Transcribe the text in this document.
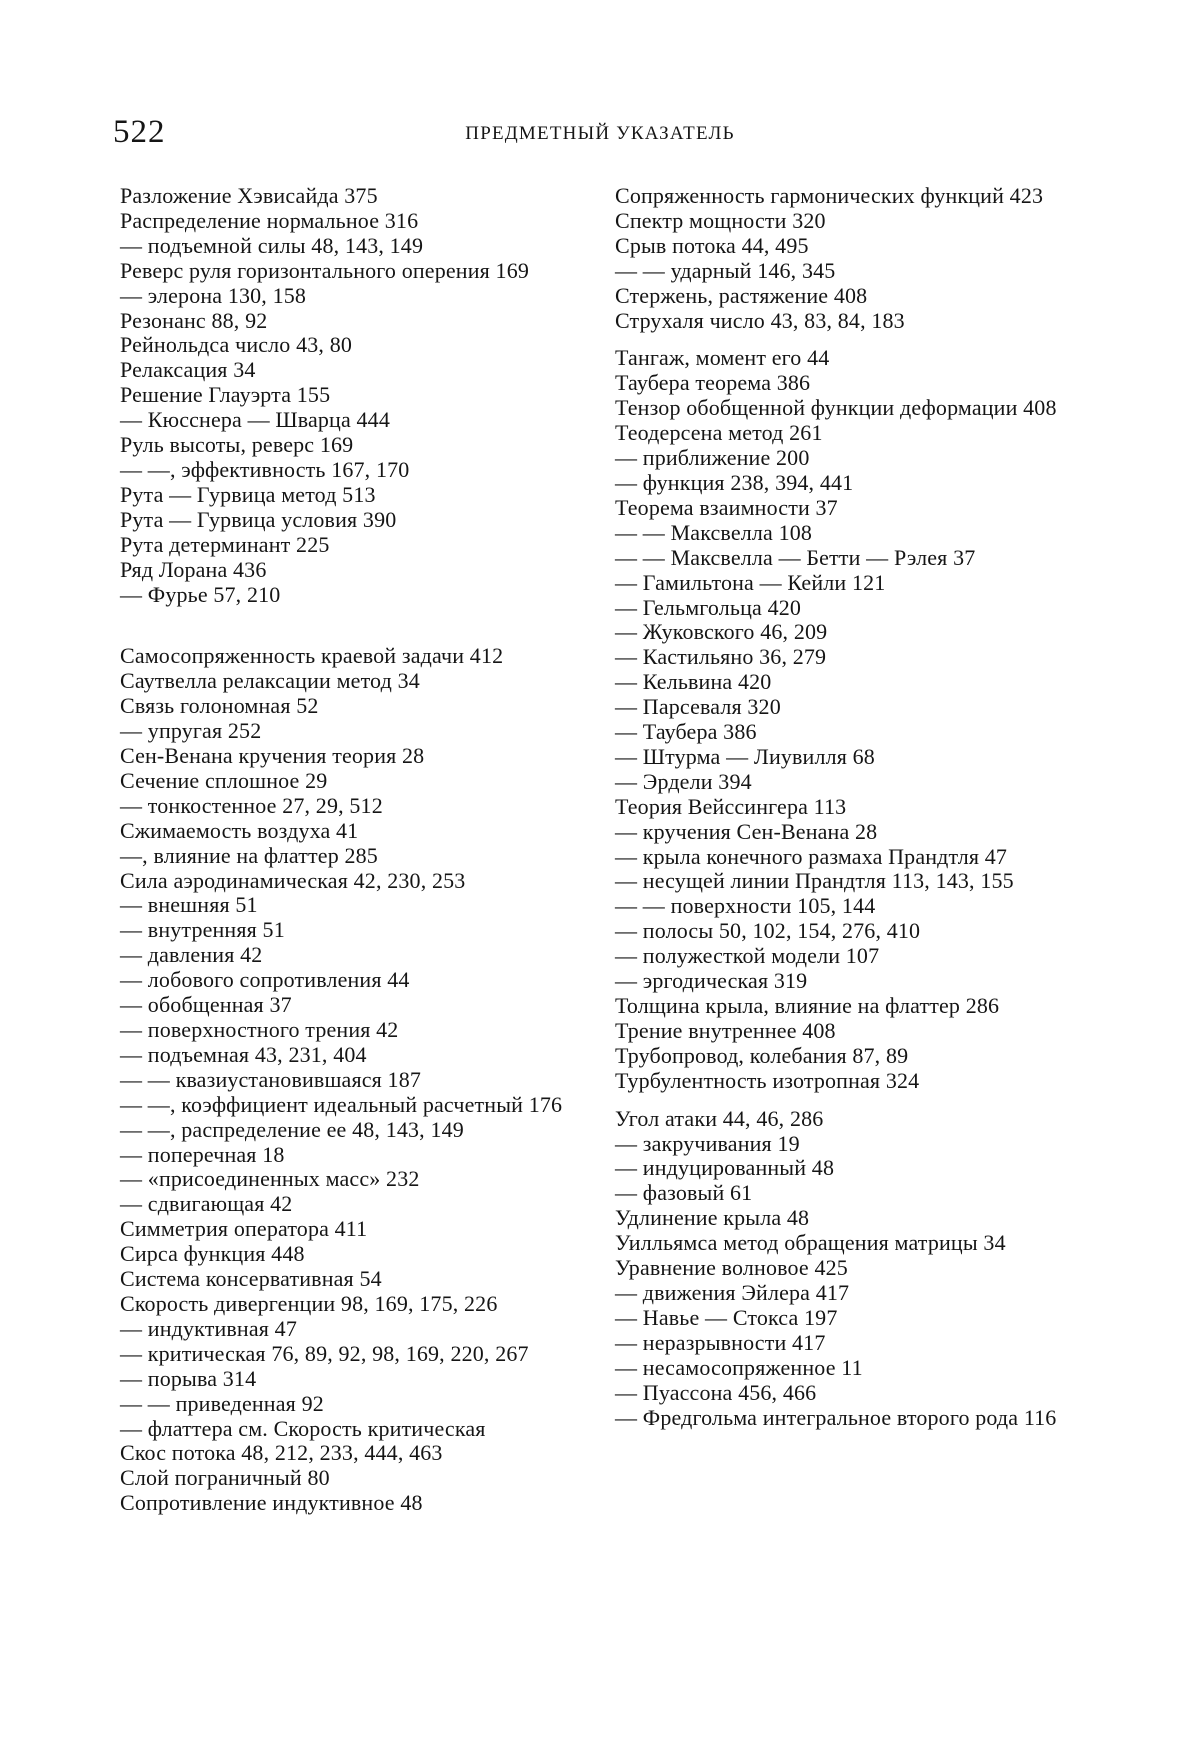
522	ПРЕДМЕТНЫЙ УКАЗАТЕЛЬ
Разложение Хэвисайда 375
Распределение нормальное 316
— подъемной силы 48, 143, 149
Реверс руля горизонтального оперения 169
— элерона 130, 158
Резонанс 88, 92
Рейнольдса число 43, 80
Релаксация 34
Решение Глауэрта 155
— Кюсснера — Шварца 444
Руль высоты, реверс 169
— —, эффективность 167, 170
Рута — Гурвица метод 513
Рута — Гурвица условия 390
Рута детерминант 225
Ряд Лорана 436
— Фурье 57, 210
Самосопряженность краевой задачи 412
Саутвелла релаксации метод 34
Связь голономная 52
— упругая 252
Сен-Венана кручения теория 28
Сечение сплошное 29
— тонкостенное 27, 29, 512
Сжимаемость воздуха 41
—, влияние на флаттер 285
Сила аэродинамическая 42, 230, 253
— внешняя 51
— внутренняя 51
— давления 42
— лобового сопротивления 44
— обобщенная 37
— поверхностного трения 42
— подъемная 43, 231, 404
— — квазиустановившаяся 187
— —, коэффициент идеальный расчетный 176
— —, распределение ее 48, 143, 149
— поперечная 18
— «присоединенных масс» 232
— сдвигающая 42
Симметрия оператора 411
Сирса функция 448
Система консервативная 54
Скорость дивергенции 98, 169, 175, 226
— индуктивная 47
— критическая 76, 89, 92, 98, 169, 220, 267
— порыва 314
— — приведенная 92
— флаттера см. Скорость критическая
Скос потока 48, 212, 233, 444, 463
Слой пограничный 80
Сопротивление индуктивное 48
Сопряженность гармонических функций 423
Спектр мощности 320
Срыв потока 44, 495
— — ударный 146, 345
Стержень, растяжение 408
Струхаля число 43, 83, 84, 183
Тангаж, момент его 44
Таубера теорема 386
Тензор обобщенной функции деформации 408
Теодерсена метод 261
— приближение 200
— функция 238, 394, 441
Теорема взаимности 37
— — Максвелла 108
— — Максвелла — Бетти — Рэлея 37
— Гамильтона — Кейли 121
— Гельмгольца 420
— Жуковского 46, 209
— Кастильяно 36, 279
— Кельвина 420
— Парсеваля 320
— Таубера 386
— Штурма — Лиувилля 68
— Эрдели 394
Теория Вейссингера 113
— кручения Сен-Венана 28
— крыла конечного размаха Прандтля 47
— несущей линии Прандтля 113, 143, 155
— — поверхности 105, 144
— полосы 50, 102, 154, 276, 410
— полужесткой модели 107
— эргодическая 319
Толщина крыла, влияние на флаттер 286
Трение внутреннее 408
Трубопровод, колебания 87, 89
Турбулентность изотропная 324
Угол атаки 44, 46, 286
— закручивания 19
— индуцированный 48
— фазовый 61
Удлинение крыла 48
Уилльямса метод обращения матрицы 34
Уравнение волновое 425
— движения Эйлера 417
— Навье — Стокса 197
— неразрывности 417
— несамосопряженное 11
— Пуассона 456, 466
— Фредгольма интегральное второго рода 116
